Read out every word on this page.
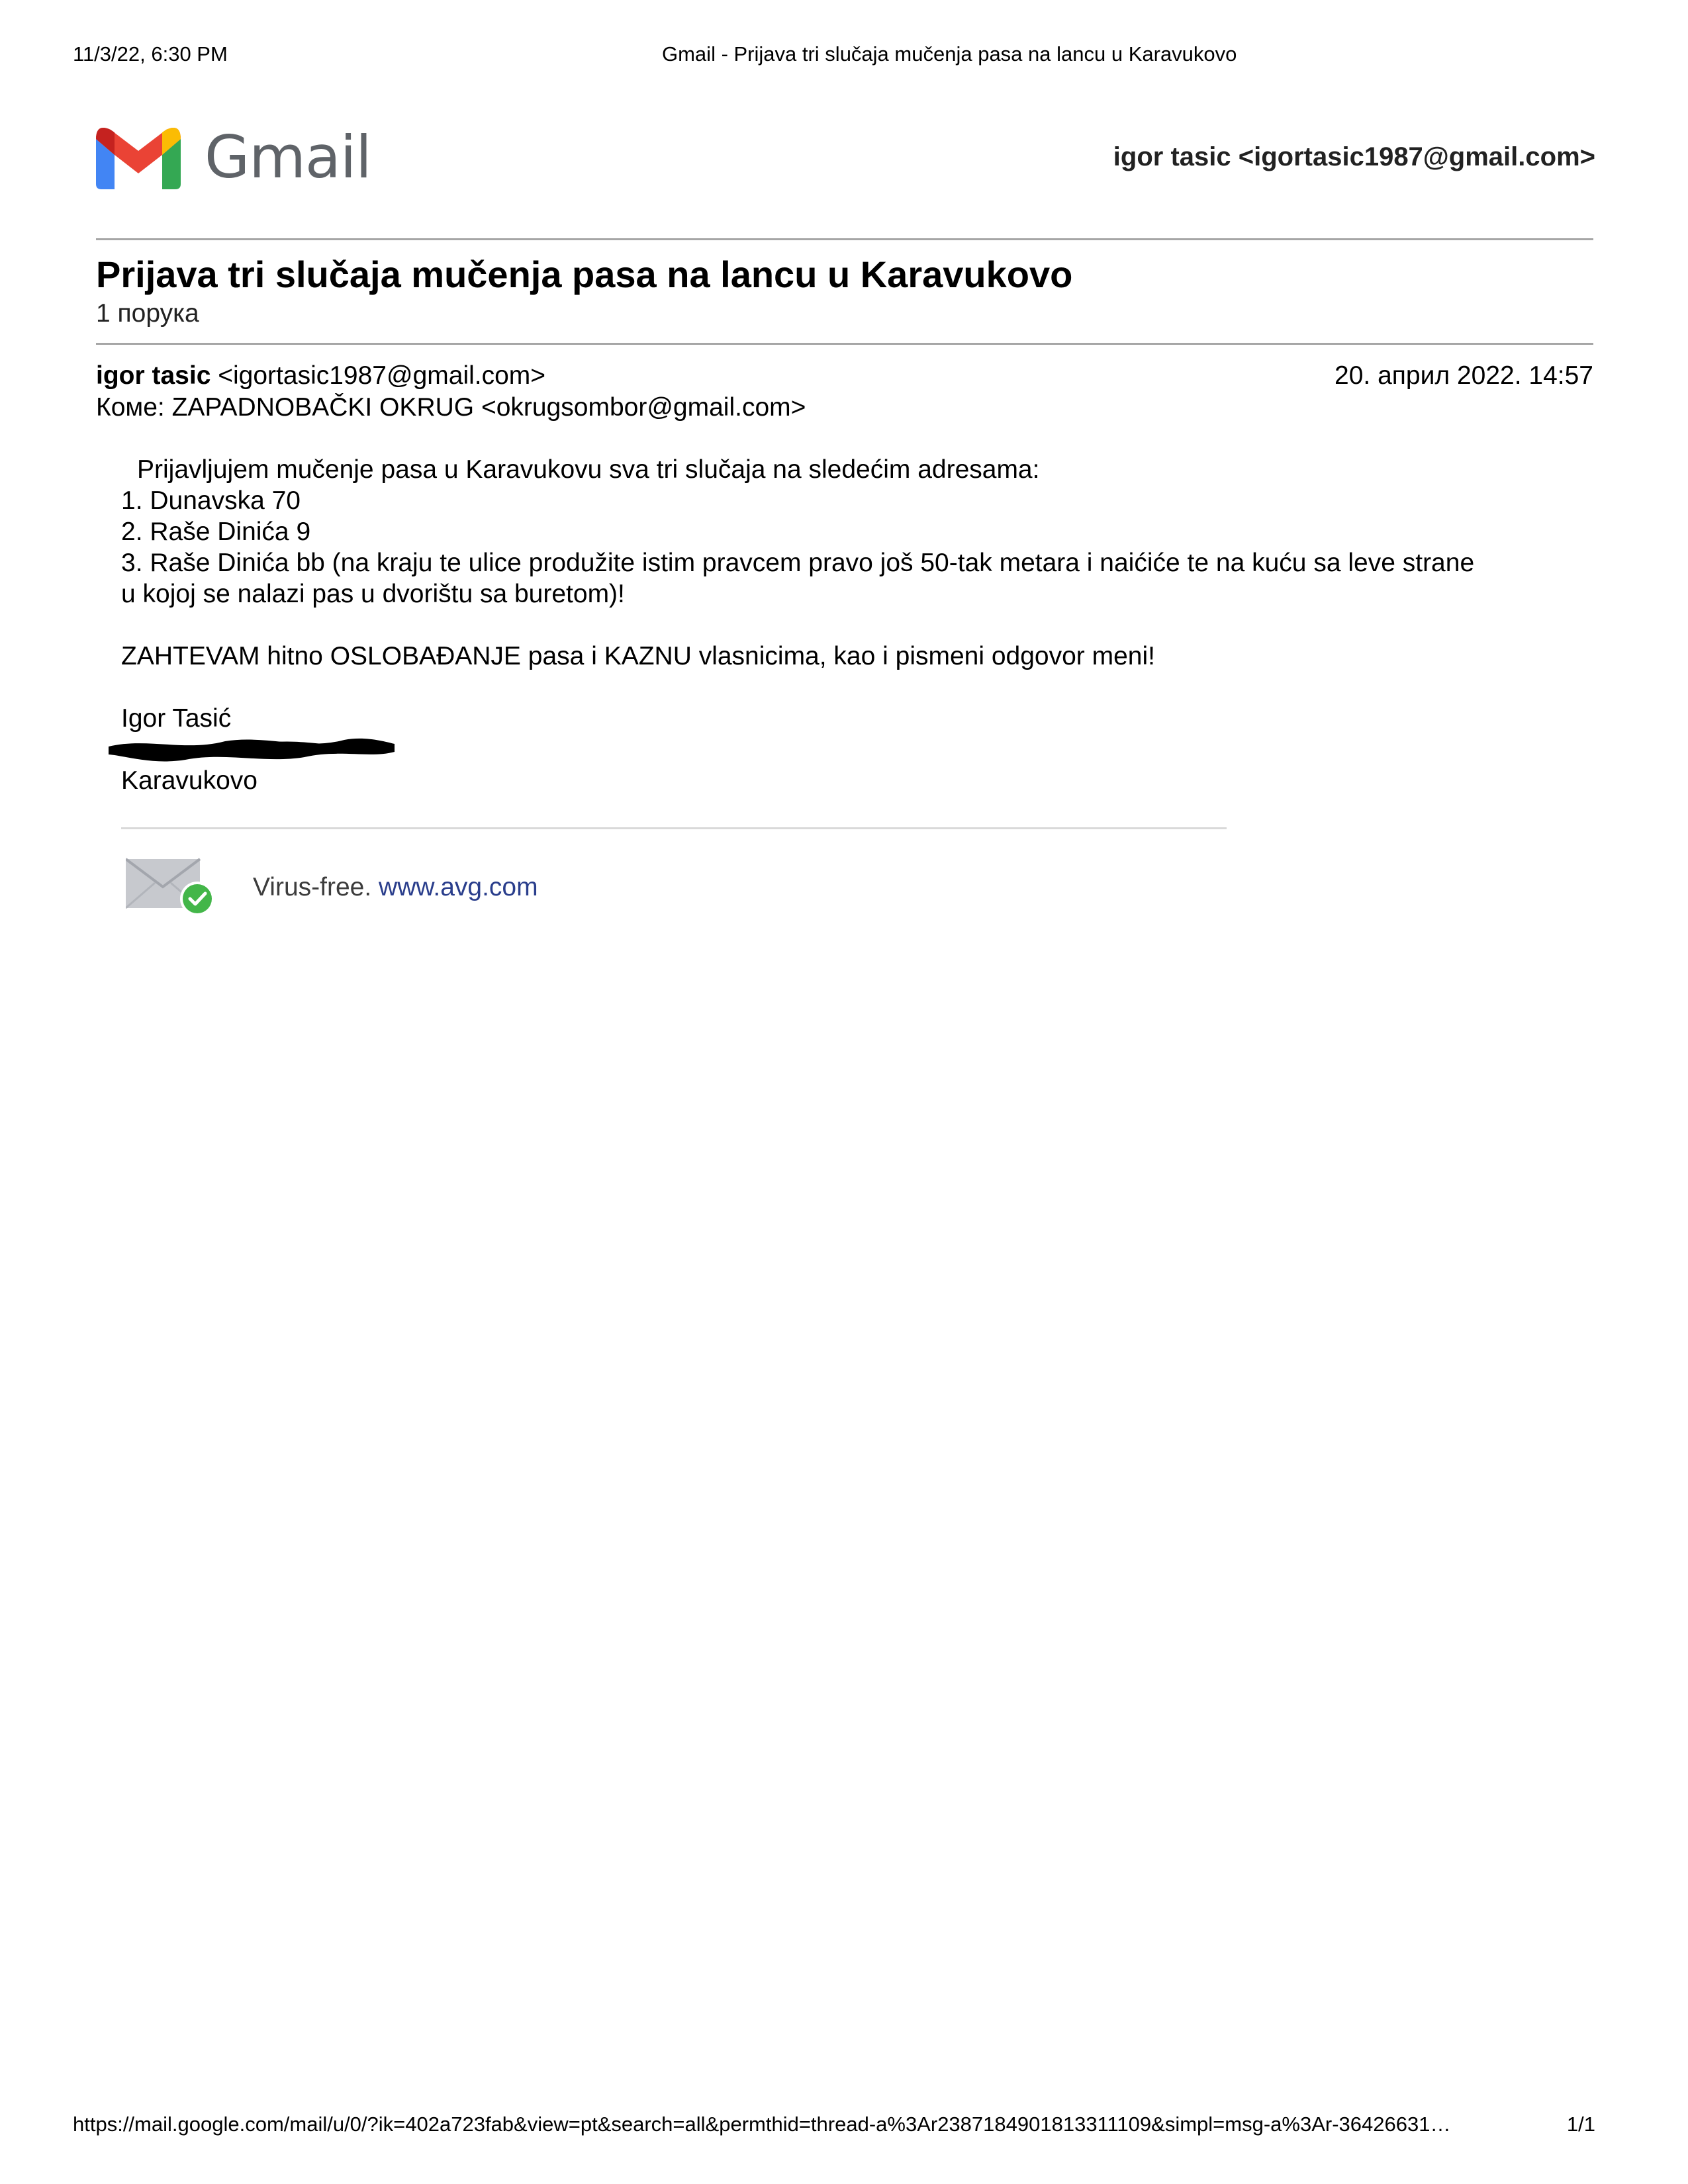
11/3/22, 6:30 PM	Gmail - Prijava tri slučaja mučenja pasa na lancu u Karavukovo
Gmail	igor tasic <igortasic1987@gmail.com>
Prijava tri slučaja mučenja pasa na lancu u Karavukovo
1 порука
igor tasic <igortasic1987@gmail.com>	20. април 2022. 14:57
Коме: ZAPADNOBAČKI OKRUG <okrugsombor@gmail.com>

Prijavljujem mučenje pasa u Karavukovu sva tri slučaja na sledećim adresama:

1. Dunavska 70

2. Raše Dinića 9

3. Raše Dinića bb (na kraju te ulice produžite istim pravcem pravo još 50-tak metara i naićiće te na kuću sa leve strane

u kojoj se nalazi pas u dvorištu sa buretom)!

ZAHTEVAM hitno OSLOBAĐANJE pasa i KAZNU vlasnicima, kao i pismeni odgovor meni!

Igor Tasić

Karavukovo
Virus-free. www.avg.com
https://mail.google.com/mail/u/0/?ik=402a723fab&view=pt&search=all&permthid=thread-a%3Ar2387184901813311109&simpl=msg-a%3Ar-36426631…	1/1
